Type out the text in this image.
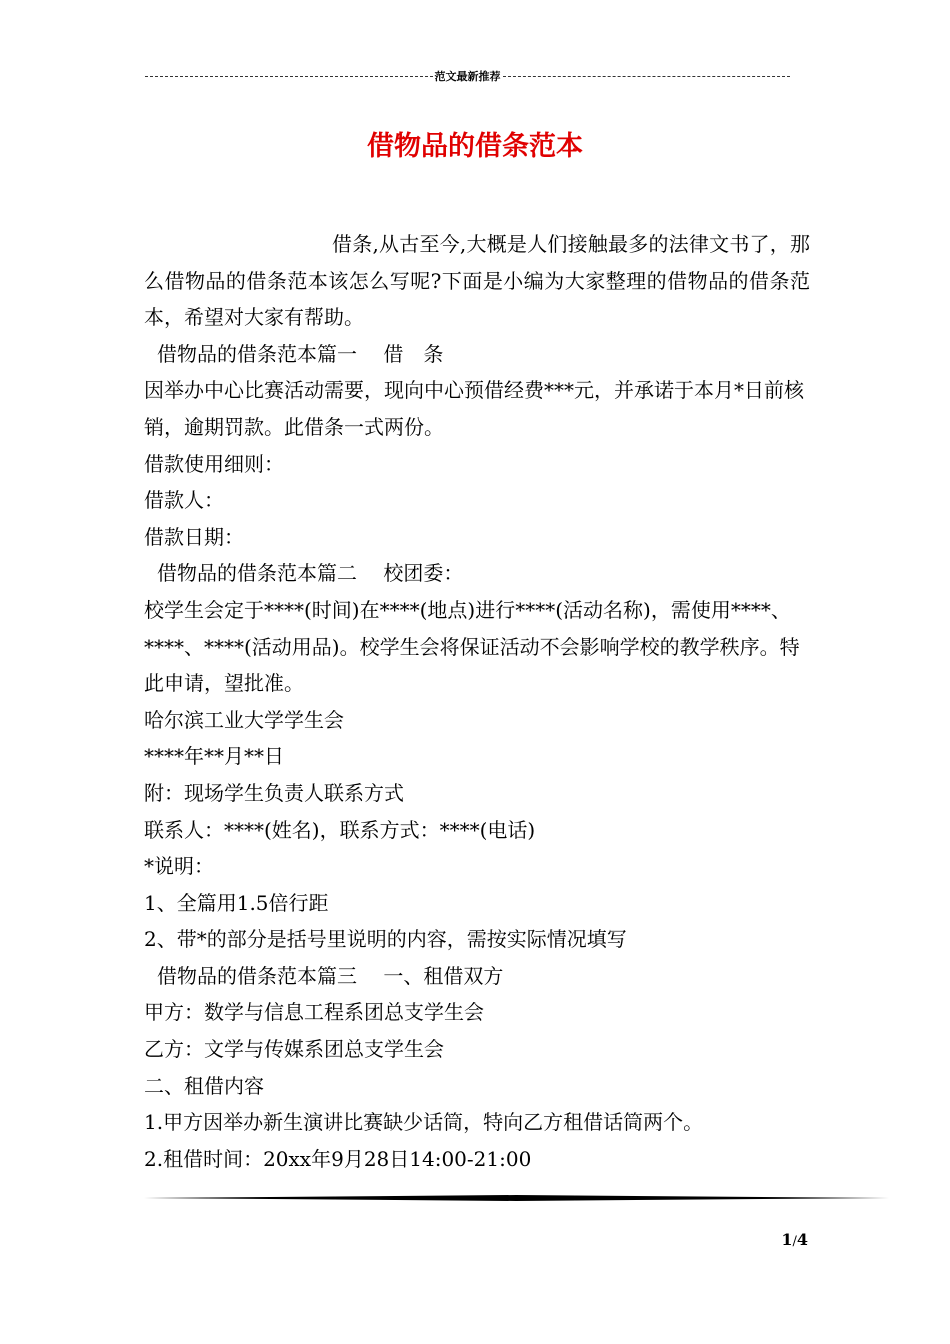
范文最新推荐
借物品的借条范本

借条,从古至今,大概是人们接触最多的法律文书了，那么借物品的借条范本该怎么写呢?下面是小编为大家整理的借物品的借条范本，希望对大家有帮助。

借物品的借条范本篇一　 借　条

因举办中心比赛活动需要，现向中心预借经费***元，并承诺于本月*日前核销，逾期罚款。此借条一式两份。

借款使用细则：

借款人：

借款日期：

借物品的借条范本篇二　 校团委：

校学生会定于****(时间)在****(地点)进行****(活动名称)，需使用****、****、****(活动用品)。校学生会将保证活动不会影响学校的教学秩序。特此申请，望批准。

哈尔滨工业大学学生会

****年**月**日

附：现场学生负责人联系方式

联系人：****(姓名)，联系方式：****(电话)

*说明：

1、全篇用1.5倍行距

2、带*的部分是括号里说明的内容，需按实际情况填写

借物品的借条范本篇三　 一、租借双方

甲方：数学与信息工程系团总支学生会

乙方：文学与传媒系团总支学生会

二、租借内容

1.甲方因举办新生演讲比赛缺少话筒，特向乙方租借话筒两个。

2.租借时间：20xx年9月28日14:00-21:00

1/4
